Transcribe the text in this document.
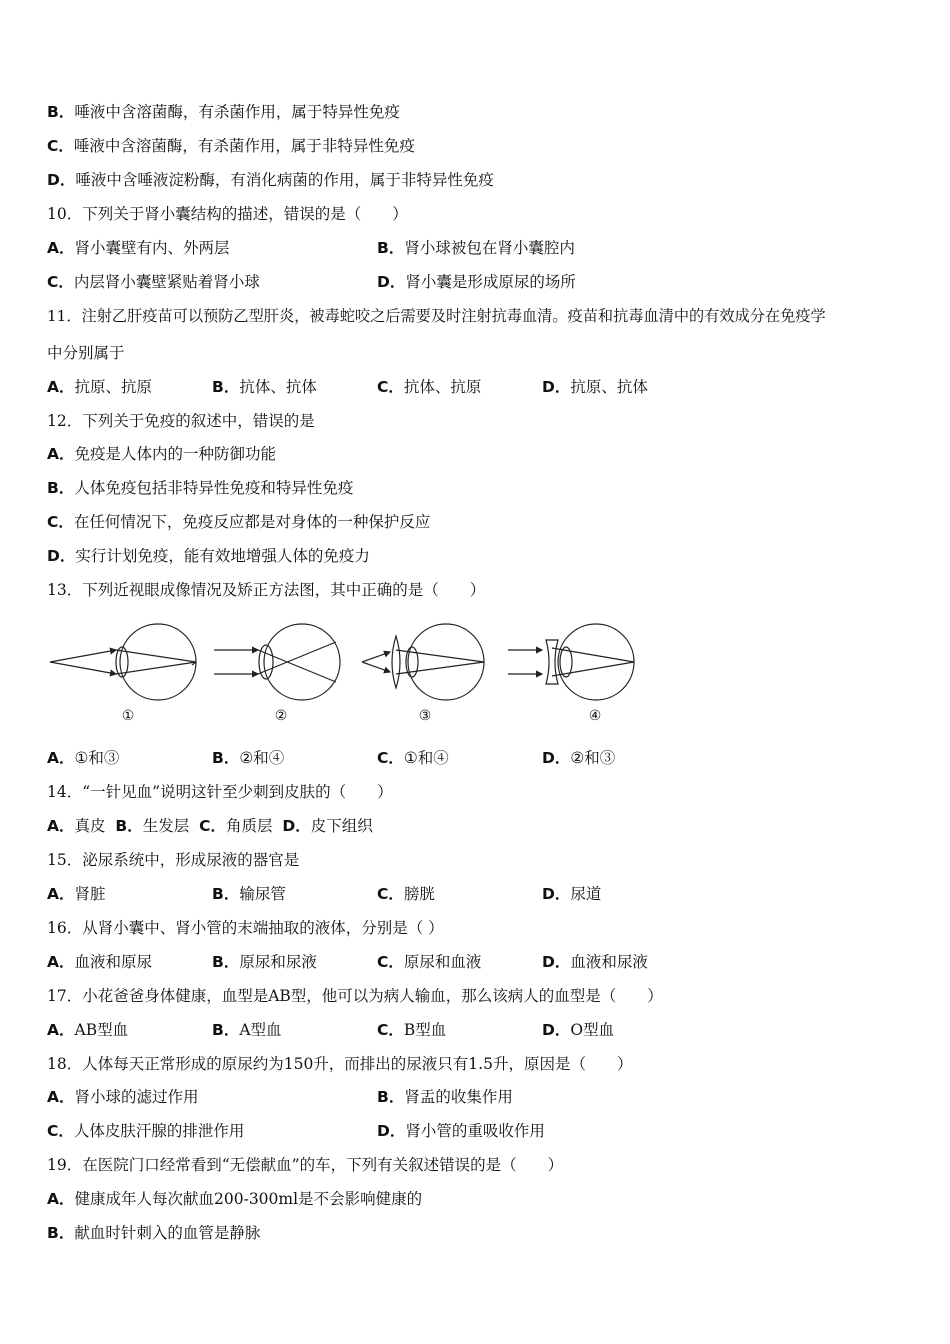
B．唾液中含溶菌酶，有杀菌作用，属于特异性免疫
C．唾液中含溶菌酶，有杀菌作用，属于非特异性免疫
D．唾液中含唾液淀粉酶，有消化病菌的作用，属于非特异性免疫
10．下列关于肾小囊结构的描述，错误的是（　　）
A．肾小囊壁有内、外两层	B．肾小球被包在肾小囊腔内
C．内层肾小囊壁紧贴着肾小球	D．肾小囊是形成原尿的场所
11．注射乙肝疫苗可以预防乙型肝炎，被毒蛇咬之后需要及时注射抗毒血清。疫苗和抗毒血清中的有效成分在免疫学
中分别属于
A．抗原、抗原	B．抗体、抗体	C．抗体、抗原	D．抗原、抗体
12．下列关于免疫的叙述中，错误的是
A．免疫是人体内的一种防御功能
B．人体免疫包括非特异性免疫和特异性免疫
C．在任何情况下，免疫反应都是对身体的一种保护反应
D．实行计划免疫，能有效地增强人体的免疫力
13．下列近视眼成像情况及矫正方法图，其中正确的是（　　）
①	②	③	④
A．①和③	B．②和④	C．①和④	D．②和③
14．“一针见血”说明这针至少刺到皮肤的（　　）
A．真皮 B．生发层 C．角质层 D．皮下组织
15．泌尿系统中，形成尿液的器官是
A．肾脏	B．输尿管	C．膀胱	D．尿道
16．从肾小囊中、肾小管的末端抽取的液体，分别是（ ）
A．血液和原尿	B．原尿和尿液	C．原尿和血液	D．血液和尿液
17．小花爸爸身体健康，血型是AB型，他可以为病人输血，那么该病人的血型是（　　）
A．AB型血	B．A型血	C．B型血	D．O型血
18．人体每天正常形成的原尿约为150升，而排出的尿液只有1.5升，原因是（　　）
A．肾小球的滤过作用	B．肾盂的收集作用
C．人体皮肤汗腺的排泄作用	D．肾小管的重吸收作用
19．在医院门口经常看到“无偿献血”的车，下列有关叙述错误的是（　　）
A．健康成年人每次献血200-300ml是不会影响健康的
B．献血时针刺入的血管是静脉
